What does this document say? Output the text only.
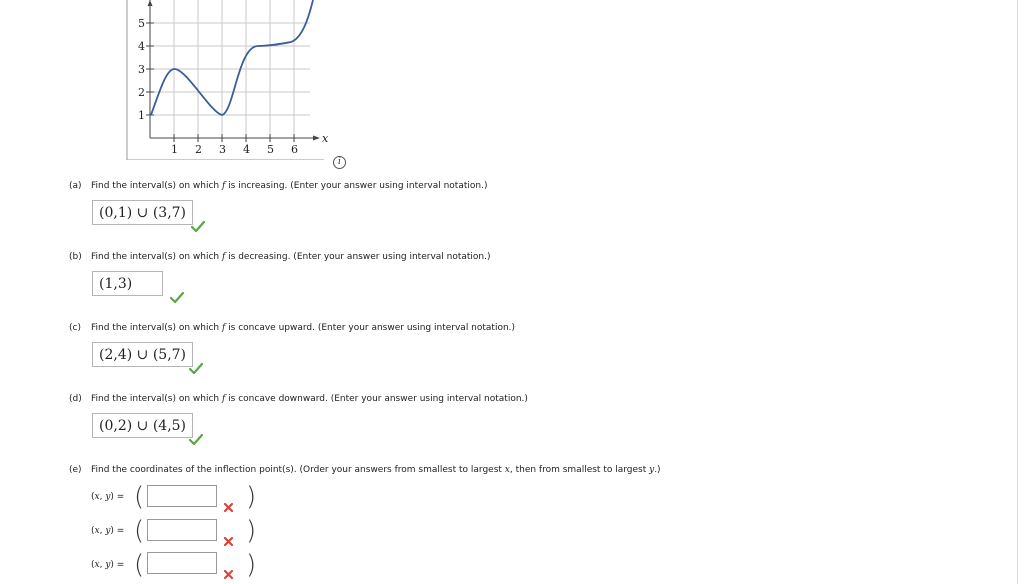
1
2
3
4
5
1 2 3 4 5 6
x
i
(a) Find the interval(s) on which f is increasing. (Enter your answer using interval notation.)
(0,1) ∪ (3,7)
(b) Find the interval(s) on which f is decreasing. (Enter your answer using interval notation.)
(1,3)
(c) Find the interval(s) on which f is concave upward. (Enter your answer using interval notation.)
(2,4) ∪ (5,7)
(d) Find the interval(s) on which f is concave downward. (Enter your answer using interval notation.)
(0,2) ∪ (4,5)
(e) Find the coordinates of the inflection point(s). (Order your answers from smallest to largest x, then from smallest to largest y.)
(x, y) = (	)
(x, y) = (	)
(x, y) = (	)
